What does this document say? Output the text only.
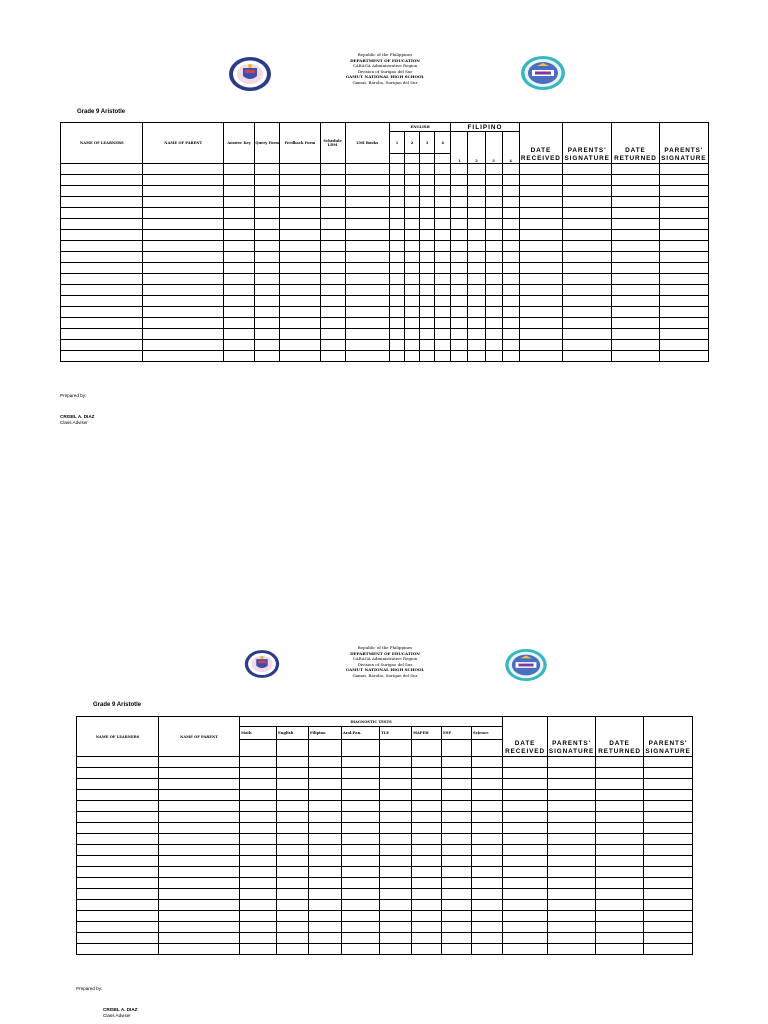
Republic of the Philippines
DEPARTMENT OF EDUCATION
CARAGA Administrative Region
Division of Surigao del Sur
GAMUT NATIONAL HIGH SCHOOL
Gamut, Barobo, Surigao del Sur
Grade 9 Aristotle
NAME OF LEARNERS	NAME OF PARENT	Answer Key	Query Form	Feedback Form	Schedule LDM	LMI Books	ENGLISH				FILIPINO				DATE RECEIVED	PARENTS' SIGNATURE	DATE RETURNED	PARENTS' SIGNATURE
							1	2	3	4	1	2	3	4				

Prepared by:
CRISEL A. DIAZ
Class Adviser
Republic of the Philippines
DEPARTMENT OF EDUCATION
CARAGA Administrative Region
Division of Surigao del Sur
GAMUT NATIONAL HIGH SCHOOL
Gamut, Barobo, Surigao del Sur
Grade 9 Aristotle
NAME OF LEARNERS	NAME OF PARENT	DIAGNOSTIC TESTS								DATE RECEIVED	PARENTS' SIGNATURE	DATE RETURNED	PARENTS' SIGNATURE
		Math	English	Filipino	Arał.Pan.	TLE	MAPEH	ESP	Science				

Prepared by:
CRISEL A. DIAZ
Class Adviser
